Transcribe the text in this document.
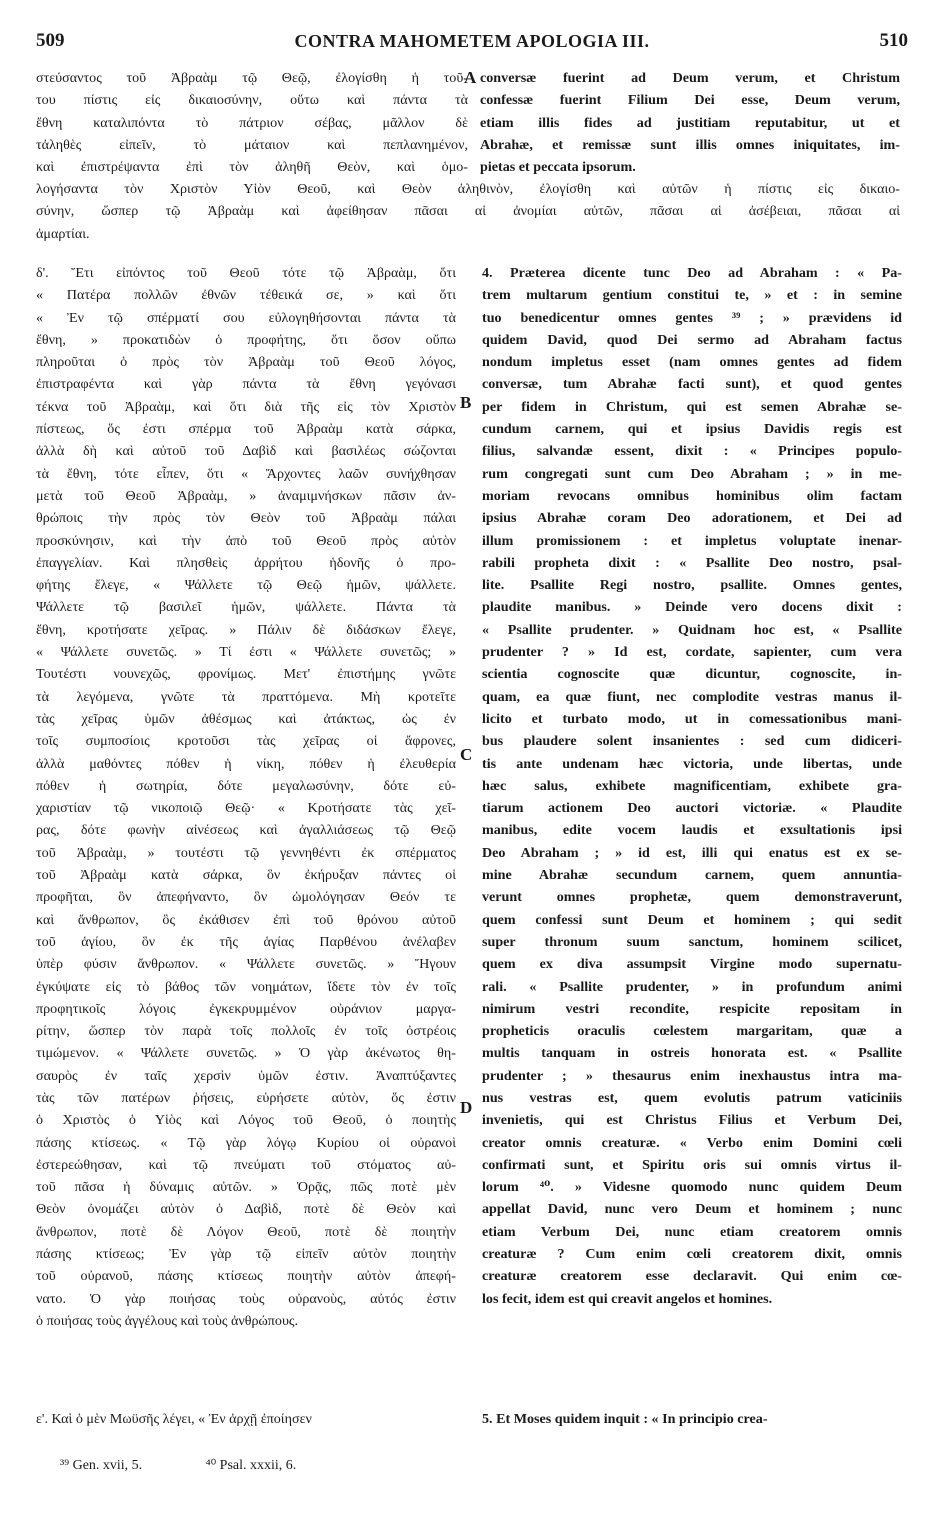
509	CONTRA MAHOMETEM APOLOGIA III.	510
A
B
C
D
στεύσαντος τοῦ Ἀβραὰμ τῷ Θεῷ, ἐλογίσθη ἡ τοῦ-
του πίστις εἰς δικαιοσύνην, οὕτω καὶ πάντα τὰ
ἔθνη καταλιπόντα τὸ πάτριον σέβας, μᾶλλον δὲ
τἀληθὲς εἰπεῖν, τὸ μάταιον καὶ πεπλανημένον,
καὶ ἐπιστρέψαντα ἐπὶ τὸν ἀληθῆ Θεὸν, καὶ ὁμο-
conversæ fuerint ad Deum verum, et Christum
confessæ fuerint Filium Dei esse, Deum verum,
etiam illis fides ad justitiam reputabitur, ut et
Abrahæ, et remissæ sunt illis omnes iniquitates, im-
pietas et peccata ipsorum.
λογήσαντα τὸν Χριστὸν Υἱὸν Θεοῦ, καὶ Θεὸν ἀληθινὸν, ἐλογίσθη καὶ αὐτῶν ἡ πίστις εἰς δικαιο-
σύνην, ὥσπερ τῷ Ἀβραὰμ καὶ ἀφείθησαν πᾶσαι αἱ ἀνομίαι αὐτῶν, πᾶσαι αἱ ἀσέβειαι, πᾶσαι αἱ
ἁμαρτίαι.
δ'. Ἔτι εἰπόντος τοῦ Θεοῦ τότε τῷ Ἀβραὰμ, ὅτι
« Πατέρα πολλῶν ἐθνῶν τέθεικά σε, » καὶ ὅτι
« Ἐν τῷ σπέρματί σου εὐλογηθήσονται πάντα τὰ
ἔθνη, » προκατιδὼν ὁ προφήτης, ὅτι ὅσον οὔπω
πληροῦται ὁ πρὸς τὸν Ἀβραὰμ τοῦ Θεοῦ λόγος,
ἐπιστραφέντα καὶ γὰρ πάντα τὰ ἔθνη γεγόνασι
τέκνα τοῦ Ἀβραὰμ, καὶ ὅτι διὰ τῆς εἰς τὸν Χριστὸν
πίστεως, ὅς ἐστι σπέρμα τοῦ Ἀβραὰμ κατὰ σάρκα,
ἀλλὰ δὴ καὶ αὐτοῦ τοῦ Δαβὶδ καὶ βασιλέως σώζονται
τὰ ἔθνη, τότε εἶπεν, ὅτι « Ἄρχοντες λαῶν συνήχθησαν
μετὰ τοῦ Θεοῦ Ἀβραὰμ, » ἀναμιμνήσκων πᾶσιν ἀν-
θρώποις τὴν πρὸς τὸν Θεὸν τοῦ Ἀβραὰμ πάλαι
προσκύνησιν, καὶ τὴν ἀπὸ τοῦ Θεοῦ πρὸς αὐτὸν
ἐπαγγελίαν. Καὶ πλησθεὶς ἀρρήτου ἡδονῆς ὁ προ-
φήτης ἔλεγε, « Ψάλλετε τῷ Θεῷ ἡμῶν, ψάλλετε.
Ψάλλετε τῷ βασιλεῖ ἡμῶν, ψάλλετε. Πάντα τὰ
ἔθνη, κροτήσατε χεῖρας. » Πάλιν δὲ διδάσκων ἔλεγε,
« Ψάλλετε συνετῶς. » Τί ἐστι « Ψάλλετε συνετῶς; »
Τουτέστι νουνεχῶς, φρονίμως. Μετ' ἐπιστήμης γνῶτε
τὰ λεγόμενα, γνῶτε τὰ πραττόμενα. Μὴ κροτεῖτε
τὰς χεῖρας ὑμῶν ἀθέσμως καὶ ἀτάκτως, ὡς ἐν
τοῖς συμποσίοις κροτοῦσι τὰς χεῖρας οἱ ἄφρονες,
ἀλλὰ μαθόντες πόθεν ἡ νίκη, πόθεν ἡ ἐλευθερία
πόθεν ἡ σωτηρία, δότε μεγαλωσύνην, δότε εὐ-
χαριστίαν τῷ νικοποιῷ Θεῷ· « Κροτήσατε τὰς χεῖ-
ρας, δότε φωνὴν αἰνέσεως καὶ ἀγαλλιάσεως τῷ Θεῷ
τοῦ Ἀβραὰμ, » τουτέστι τῷ γεννηθέντι ἐκ σπέρματος
τοῦ Ἀβραὰμ κατὰ σάρκα, ὃν ἐκήρυξαν πάντες οἱ
προφῆται, ὃν ἀπεφήναντο, ὃν ὡμολόγησαν Θεόν τε
καὶ ἄνθρωπον, ὃς ἐκάθισεν ἐπὶ τοῦ θρόνου αὐτοῦ
τοῦ ἁγίου, ὃν ἐκ τῆς ἁγίας Παρθένου ἀνέλαβεν
ὑπὲρ φύσιν ἄνθρωπον. « Ψάλλετε συνετῶς. » Ἤγουν
ἐγκύψατε εἰς τὸ βάθος τῶν νοημάτων, ἴδετε τὸν ἐν τοῖς
προφητικοῖς λόγοις ἐγκεκρυμμένον οὐράνιον μαργα-
ρίτην, ὥσπερ τὸν παρὰ τοῖς πολλοῖς ἐν τοῖς ὀστρέοις
τιμώμενον. « Ψάλλετε συνετῶς. » Ὁ γὰρ ἀκένωτος θη-
σαυρὸς ἐν ταῖς χερσὶν ὑμῶν ἐστιν. Ἀναπτύξαντες
τὰς τῶν πατέρων ῥήσεις, εὑρήσετε αὐτὸν, ὅς ἐστιν
ὁ Χριστὸς ὁ Υἱὸς καὶ Λόγος τοῦ Θεοῦ, ὁ ποιητὴς
πάσης κτίσεως. « Τῷ γὰρ λόγῳ Κυρίου οἱ οὐρανοὶ
ἐστερεώθησαν, καὶ τῷ πνεύματι τοῦ στόματος αὐ-
τοῦ πᾶσα ἡ δύναμις αὐτῶν. » Ὁρᾷς, πῶς ποτὲ μὲν
Θεὸν ὀνομάζει αὐτὸν ὁ Δαβὶδ, ποτὲ δὲ Θεὸν καὶ
ἄνθρωπον, ποτὲ δὲ Λόγον Θεοῦ, ποτὲ δὲ ποιητὴν
πάσης κτίσεως; Ἐν γὰρ τῷ εἰπεῖν αὐτὸν ποιητὴν
τοῦ οὐρανοῦ, πάσης κτίσεως ποιητὴν αὐτὸν ἀπεφή-
νατο. Ὁ γὰρ ποιήσας τοὺς οὐρανοὺς, αὐτός ἐστιν
ὁ ποιήσας τοὺς ἀγγέλους καὶ τοὺς ἀνθρώπους.
4. Præterea dicente tunc Deo ad Abraham : « Pa-
trem multarum gentium constitui te, » et : in semine
tuo benedicentur omnes gentes ³⁹ ; » prævidens id
quidem David, quod Dei sermo ad Abraham factus
nondum impletus esset (nam omnes gentes ad fidem
conversæ, tum Abrahæ facti sunt), et quod gentes
per fidem in Christum, qui est semen Abrahæ se-
cundum carnem, qui et ipsius Davidis regis est
filius, salvandæ essent, dixit : « Principes populo-
rum congregati sunt cum Deo Abraham ; » in me-
moriam revocans omnibus hominibus olim factam
ipsius Abrahæ coram Deo adorationem, et Dei ad
illum promissionem : et impletus voluptate inenar-
rabili propheta dixit : « Psallite Deo nostro, psal-
lite. Psallite Regi nostro, psallite. Omnes gentes,
plaudite manibus. » Deinde vero docens dixit :
« Psallite prudenter. » Quidnam hoc est, « Psallite
prudenter ? » Id est, cordate, sapienter, cum vera
scientia cognoscite quæ dicuntur, cognoscite, in-
quam, ea quæ fiunt, nec complodite vestras manus il-
licito et turbato modo, ut in comessationibus mani-
bus plaudere solent insanientes : sed cum didiceri-
tis ante undenam hæc victoria, unde libertas, unde
hæc salus, exhibete magnificentiam, exhibete gra-
tiarum actionem Deo auctori victoriæ. « Plaudite
manibus, edite vocem laudis et exsultationis ipsi
Deo Abraham ; » id est, illi qui enatus est ex se-
mine Abrahæ secundum carnem, quem annuntia-
verunt omnes prophetæ, quem demonstraverunt,
quem confessi sunt Deum et hominem ; qui sedit
super thronum suum sanctum, hominem scilicet,
quem ex diva assumpsit Virgine modo supernatu-
rali. « Psallite prudenter, » in profundum animi
nimirum vestri recondite, respicite repositam in
propheticis oraculis cœlestem margaritam, quæ a
multis tanquam in ostreis honorata est. « Psallite
prudenter ; » thesaurus enim inexhaustus intra ma-
nus vestras est, quem evolutis patrum vaticiniis
invenietis, qui est Christus Filius et Verbum Dei,
creator omnis creaturæ. « Verbo enim Domini cœli
confirmati sunt, et Spiritu oris sui omnis virtus il-
lorum ⁴⁰. » Videsne quomodo nunc quidem Deum
appellat David, nunc vero Deum et hominem ; nunc
etiam Verbum Dei, nunc etiam creatorem omnis
creaturæ ? Cum enim cœli creatorem dixit, omnis
creaturæ creatorem esse declaravit. Qui enim cœ-
los fecit, idem est qui creavit angelos et homines.
ε'. Καὶ ὁ μὲν Μωϋσῆς λέγει, « Ἐν ἀρχῇ ἐποίησεν	5. Et Moses quidem inquit : « In principio crea-
³⁹ Gen. xvii, 5.	⁴⁰ Psal. xxxii, 6.
